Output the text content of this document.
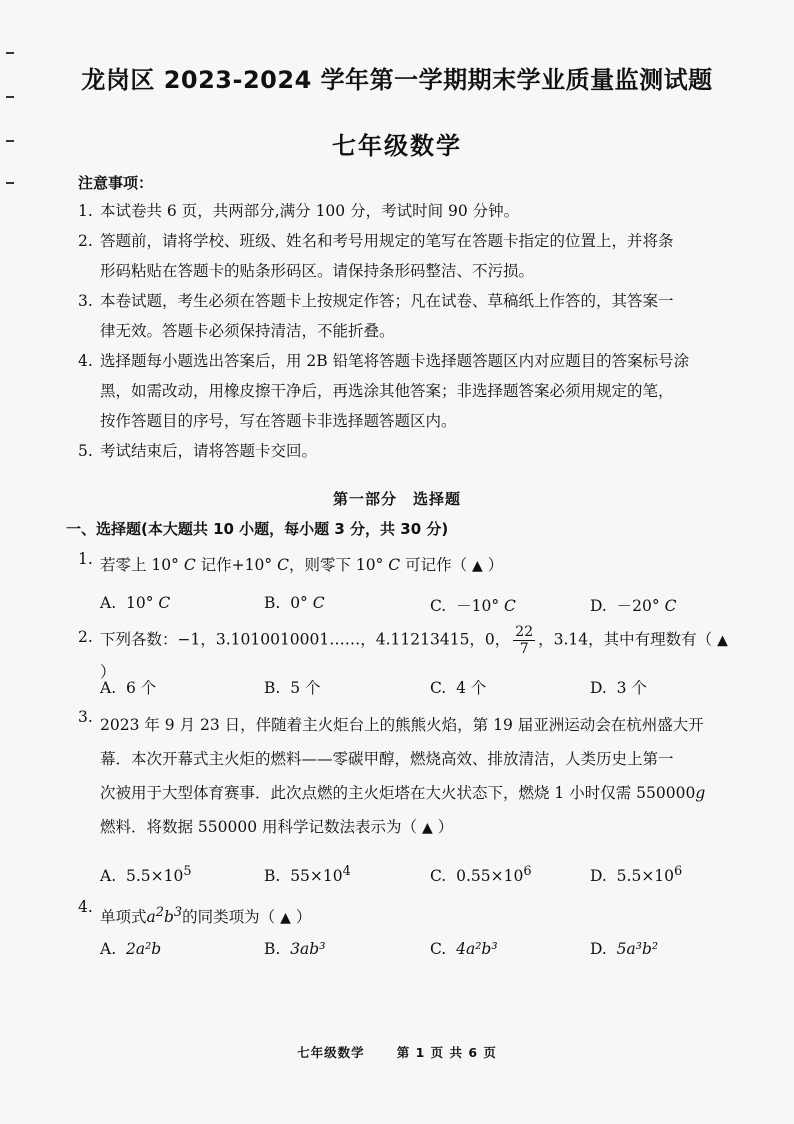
龙岗区 2023-2024 学年第一学期期末学业质量监测试题
七年级数学
注意事项：
1. 本试卷共 6 页，共两部分,满分 100 分，考试时间 90 分钟。
2. 答题前，请将学校、班级、姓名和考号用规定的笔写在答题卡指定的位置上，并将条
形码粘贴在答题卡的贴条形码区。请保持条形码整洁、不污损。
3. 本卷试题，考生必须在答题卡上按规定作答；凡在试卷、草稿纸上作答的，其答案一
律无效。答题卡必须保持清洁，不能折叠。
4. 选择题每小题选出答案后，用 2B 铅笔将答题卡选择题答题区内对应题目的答案标号涂
黑，如需改动，用橡皮擦干净后，再选涂其他答案；非选择题答案必须用规定的笔，
按作答题目的序号，写在答题卡非选择题答题区内。
5. 考试结束后，请将答题卡交回。
第一部分　选择题
一、选择题(本大题共 10 小题，每小题 3 分，共 30 分)
1. 若零上 10° C 记作+10° C，则零下 10° C 可记作（ ▲ ）
A. 10° C	B. 0° C	C. －10° C	D. －20° C
2. 下列各数：−1，3.1010010001……，4.11213415，0， $\frac{22}{7}$ ，3.14，其中有理数有（ ▲ ）
A. 6 个	B. 5 个	C. 4 个	D. 3 个
3. 2023 年 9 月 23 日，伴随着主火炬台上的熊熊火焰，第 19 届亚洲运动会在杭州盛大开
幕．本次开幕式主火炬的燃料——零碳甲醇，燃烧高效、排放清洁，人类历史上第一
次被用于大型体育赛事．此次点燃的主火炬塔在大火状态下，燃烧 1 小时仅需 550000g
燃料．将数据 550000 用科学记数法表示为（ ▲ ）
A. $5.5\times 10^5$	B. $55\times 10^4$	C. $0.55\times 10^6$	D. $5.5\times 10^6$
4.
单项式$a^2b^3$的同类项为（ ▲ ）
A. 2a²b	B. 3ab³	C. 4a²b³	D. 5a³b²
七年级数学	第 1 页 共 6 页
